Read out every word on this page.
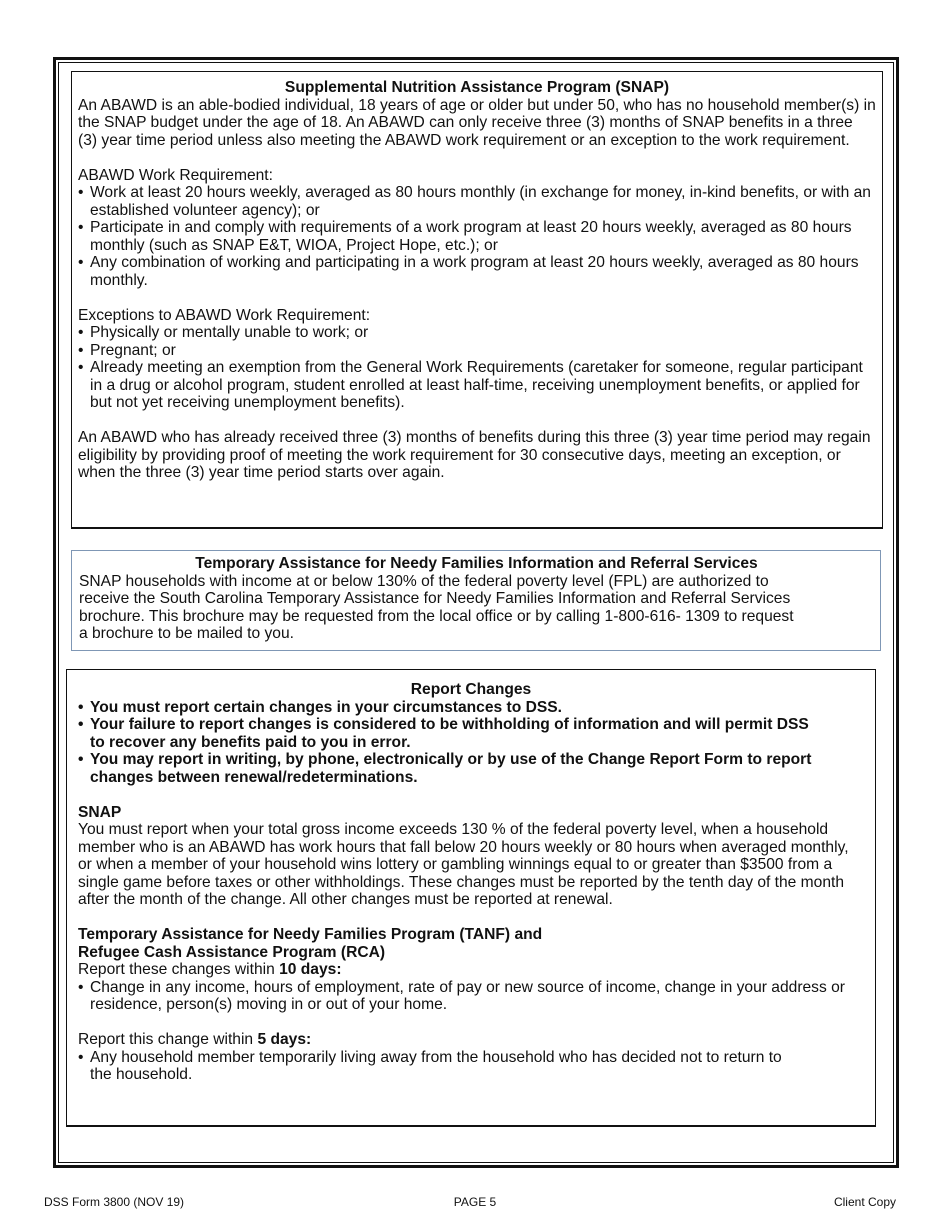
Supplemental Nutrition Assistance Program (SNAP)

An ABAWD is an able-bodied individual, 18 years of age or older but under 50, who has no household member(s) in the SNAP budget under the age of 18. An ABAWD can only receive three (3) months of SNAP benefits in a three (3) year time period unless also meeting the ABAWD work requirement or an exception to the work requirement.

ABAWD Work Requirement:

• Work at least 20 hours weekly, averaged as 80 hours monthly (in exchange for money, in-kind benefits, or with an established volunteer agency); or
• Participate in and comply with requirements of a work program at least 20 hours weekly, averaged as 80 hours monthly (such as SNAP E&T, WIOA, Project Hope, etc.); or
• Any combination of working and participating in a work program at least 20 hours weekly, averaged as 80 hours monthly.

Exceptions to ABAWD Work Requirement:

• Physically or mentally unable to work; or
• Pregnant; or
• Already meeting an exemption from the General Work Requirements (caretaker for someone, regular participant in a drug or alcohol program, student enrolled at least half-time, receiving unemployment benefits, or applied for but not yet receiving unemployment benefits).

An ABAWD who has already received three (3) months of benefits during this three (3) year time period may regain eligibility by providing proof of meeting the work requirement for 30 consecutive days, meeting an exception, or when the three (3) year time period starts over again.

Temporary Assistance for Needy Families Information and Referral Services

SNAP households with income at or below 130% of the federal poverty level (FPL) are authorized to receive the South Carolina Temporary Assistance for Needy Families Information and Referral Services brochure. This brochure may be requested from the local office or by calling 1-800-616- 1309 to request a brochure to be mailed to you.

Report Changes
• You must report certain changes in your circumstances to DSS.
• Your failure to report changes is considered to be withholding of information and will permit DSS to recover any benefits paid to you in error.
• You may report in writing, by phone, electronically or by use of the Change Report Form to report changes between renewal/redeterminations.

SNAP

You must report when your total gross income exceeds 130 % of the federal poverty level, when a household member who is an ABAWD has work hours that fall below 20 hours weekly or 80 hours when averaged monthly, or when a member of your household wins lottery or gambling winnings equal to or greater than $3500 from a single game before taxes or other withholdings. These changes must be reported by the tenth day of the month after the month of the change. All other changes must be reported at renewal.

Temporary Assistance for Needy Families Program (TANF) and

Refugee Cash Assistance Program (RCA)

Report these changes within 10 days:

• Change in any income, hours of employment, rate of pay or new source of income, change in your address or residence, person(s) moving in or out of your home.

Report this change within 5 days:

• Any household member temporarily living away from the household who has decided not to return to the household.
DSS Form 3800 (NOV 19)	PAGE 5	Client Copy
